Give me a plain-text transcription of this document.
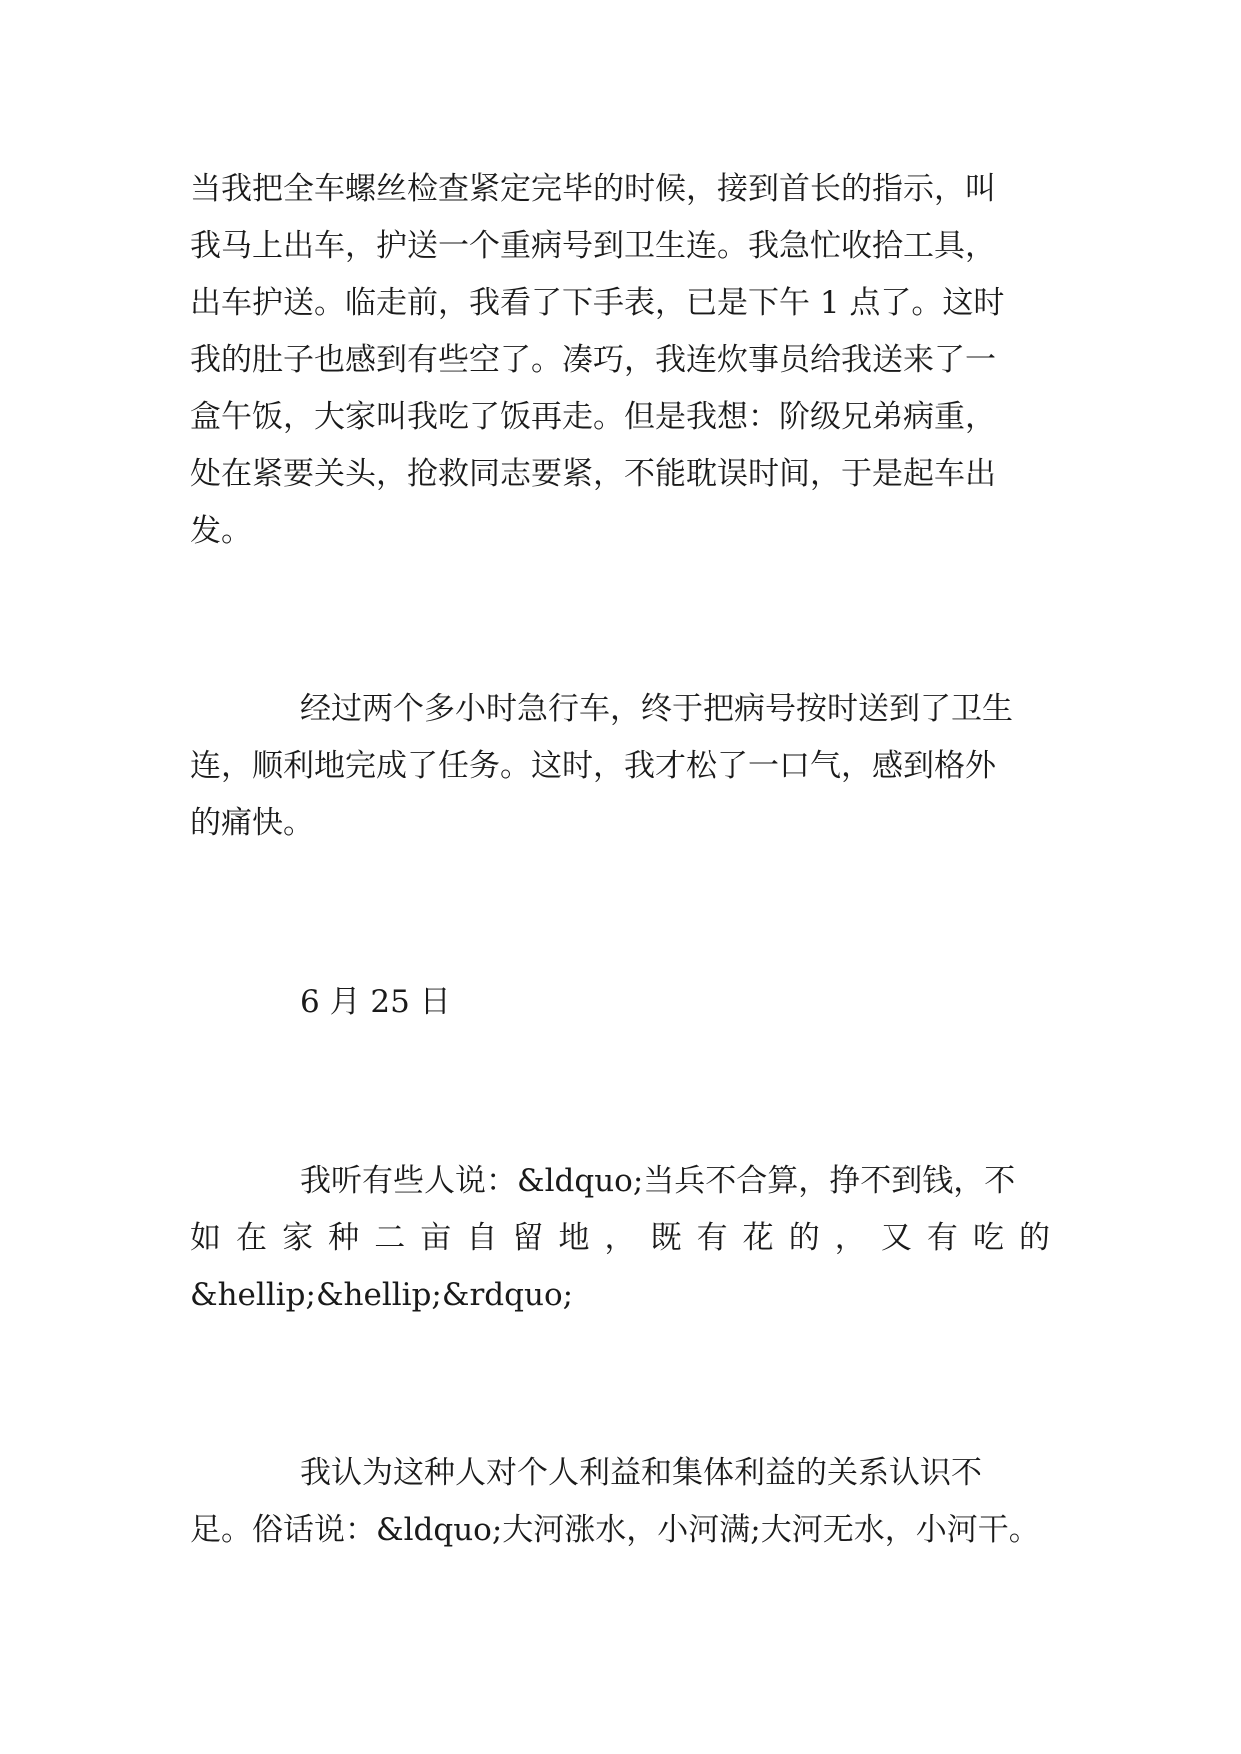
当我把全车螺丝检查紧定完毕的时候，接到首长的指示，叫
我马上出车，护送一个重病号到卫生连。我急忙收拾工具，
出车护送。临走前，我看了下手表，已是下午 1 点了。这时
我的肚子也感到有些空了。凑巧，我连炊事员给我送来了一
盒午饭，大家叫我吃了饭再走。但是我想：阶级兄弟病重，
处在紧要关头，抢救同志要紧，不能耽误时间，于是起车出
发。
经过两个多小时急行车，终于把病号按时送到了卫生
连，顺利地完成了任务。这时，我才松了一口气，感到格外
的痛快。
6 月 25 日
我听有些人说：&ldquo;当兵不合算，挣不到钱，不
如在家种二亩自留地，既有花的，又有吃的
&hellip;&hellip;&rdquo;
我认为这种人对个人利益和集体利益的关系认识不
足。俗话说：&ldquo;大河涨水，小河满;大河无水，小河干。
